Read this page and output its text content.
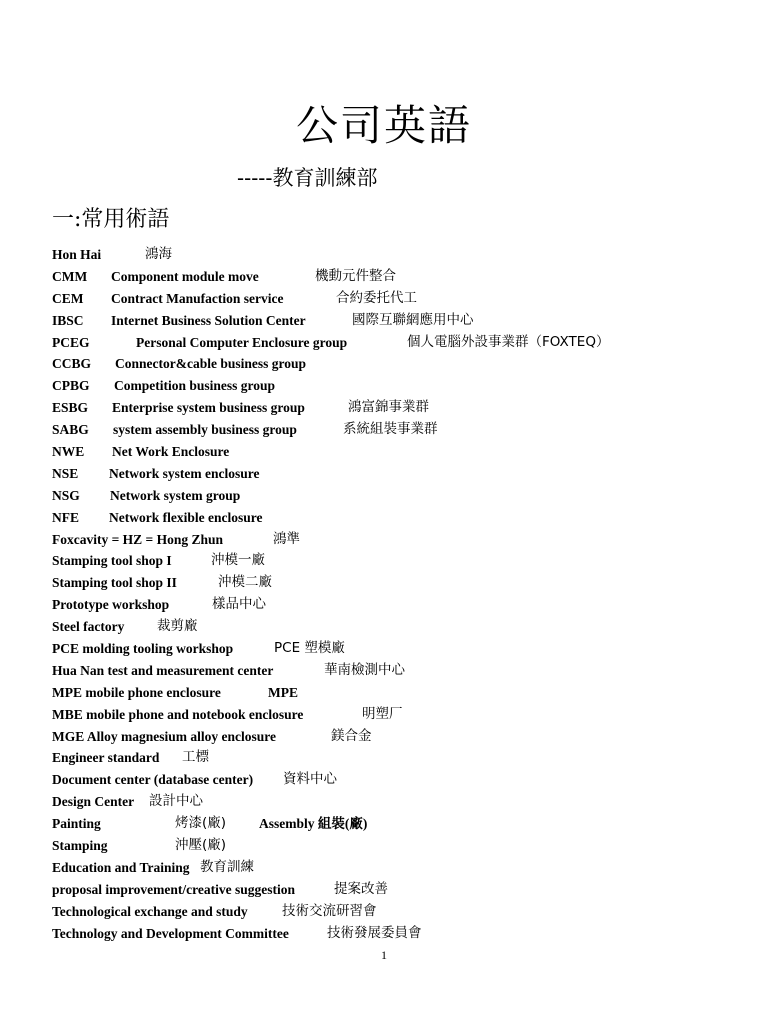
公司英語
-----教育訓練部
一:常用術語
Hon Hai	鴻海
CMM Component module move	機動元件整合
CEM Contract Manufaction service	合約委托代工
IBSC Internet Business Solution Center	國際互聯網應用中心
PCEG	Personal Computer Enclosure group	個人電腦外設事業群（FOXTEQ）
CCBG Connector&cable business group
CPBG Competition business group
ESBG Enterprise system business group	鴻富錦事業群
SABG system assembly business group	系統組裝事業群
NWE Net Work Enclosure
NSE Network system enclosure
NSG Network system group
NFE Network flexible enclosure
Foxcavity = HZ = Hong Zhun	鴻準
Stamping tool shop I	沖模一廠
Stamping tool shop II	沖模二廠
Prototype workshop	樣品中心
Steel factory 裁剪廠
PCE molding tooling workshop	PCE 塑模廠
Hua Nan test and measurement center	華南檢測中心
MPE mobile phone enclosure	MPE
MBE mobile phone and notebook enclosure	明塑厂
MGE Alloy magnesium alloy enclosure	鎂合金
Engineer standard 工標
Document center (database center) 資料中心
Design Center 設計中心
Painting	烤漆(廠) Assembly 組裝(廠)
Stamping	沖壓(廠)
Education and Training 教育訓練
proposal improvement/creative suggestion	提案改善
Technological exchange and study	技術交流研習會
Technology and Development Committee	技術發展委員會
1
